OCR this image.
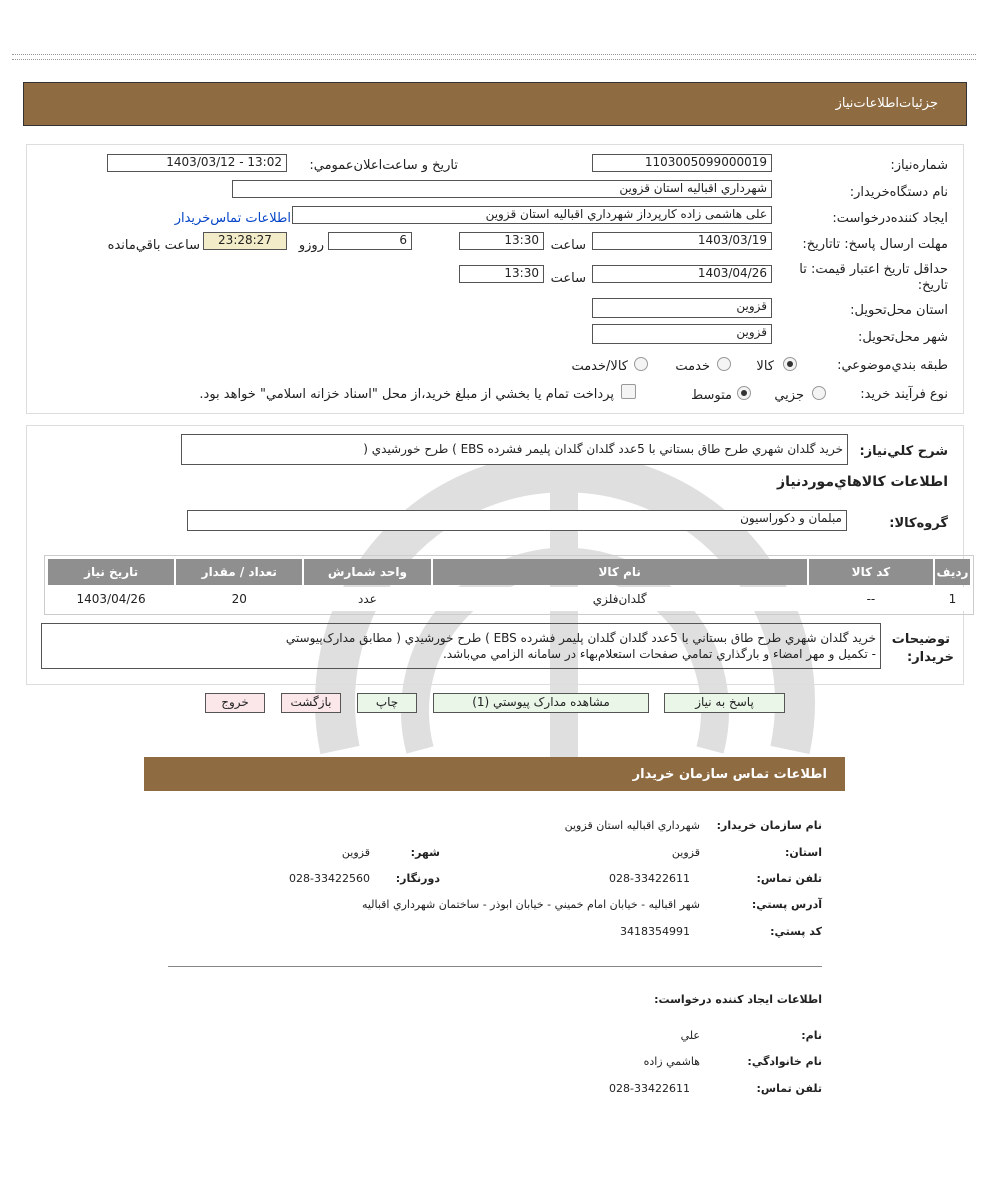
جزئيات‌اطلاعات‌نياز
شماره‌نياز:
1103005099000019
تاريخ و ساعت‌اعلان‌عمومي:
1403/03/12 - 13:02
نام دستگاه‌خريدار:
شهرداري اقباليه استان قزوين
ايجاد کننده‌درخواست:
علی هاشمی زاده کارپرداز شهرداري اقباليه استان قزوين
اطلاعات تماس‌خريدار
مهلت ارسال پاسخ: تاتاريخ:
1403/03/19
ساعت
13:30
6
روزو
23:28:27
ساعت باقي‌مانده
حداقل تاريخ اعتبار قيمت: تا
تاريخ:
1403/04/26
ساعت
13:30
استان محل‌تحويل:
قزوين
شهر محل‌تحويل:
قزوين
طبقه بندي‌موضوعي:
کالا
خدمت
کالا/خدمت
نوع فرآيند خريد:
جزيي
متوسط
پرداخت تمام يا بخشي از مبلغ خريد،از محل "اسناد خزانه اسلامي" خواهد بود.
شرح کلي‌نياز:
خريد گلدان شهري طرح طاق بستاني با 5عدد گلدان گلدان پليمر فشرده EBS ) طرح خورشيدي (
اطلاعات کالاهاي‌مورد‌نياز
گروه‌کالا:
مبلمان و دکوراسيون
رديف	کد کالا	نام کالا	واحد شمارش	تعداد / مقدار	تاريخ نياز
1	--	گلدان‌فلزي	عدد	20	1403/04/26
توضيحات
خريدار:
خريد گلدان شهري طرح طاق بستاني با 5عدد گلدان گلدان پليمر فشرده EBS ) طرح خورشيدي ( مطابق مدارک‌پيوستي
- تکميل و مهر امضاء و بارگذاري تمامي صفحات استعلام‌بهاء در سامانه الزامي مي‌باشد.
پاسخ به نياز
مشاهده مدارک پيوستي (1)
چاپ
بازگشت
خروج
اطلاعات تماس سازمان خريدار
نام سازمان خريدار:
شهرداري اقباليه استان قزوين
استان:
قزوين
شهر:
قزوين
تلفن تماس:
028-33422611
دورنگار:
028-33422560
آدرس پستي:
شهر اقباليه - خيابان امام خميني - خيابان ابوذر - ساختمان شهرداري اقباليه
کد پستي:
3418354991
اطلاعات ايجاد کننده درخواست:
نام:
علي
نام خانوادگي:
هاشمي زاده
تلفن تماس:
028-33422611
